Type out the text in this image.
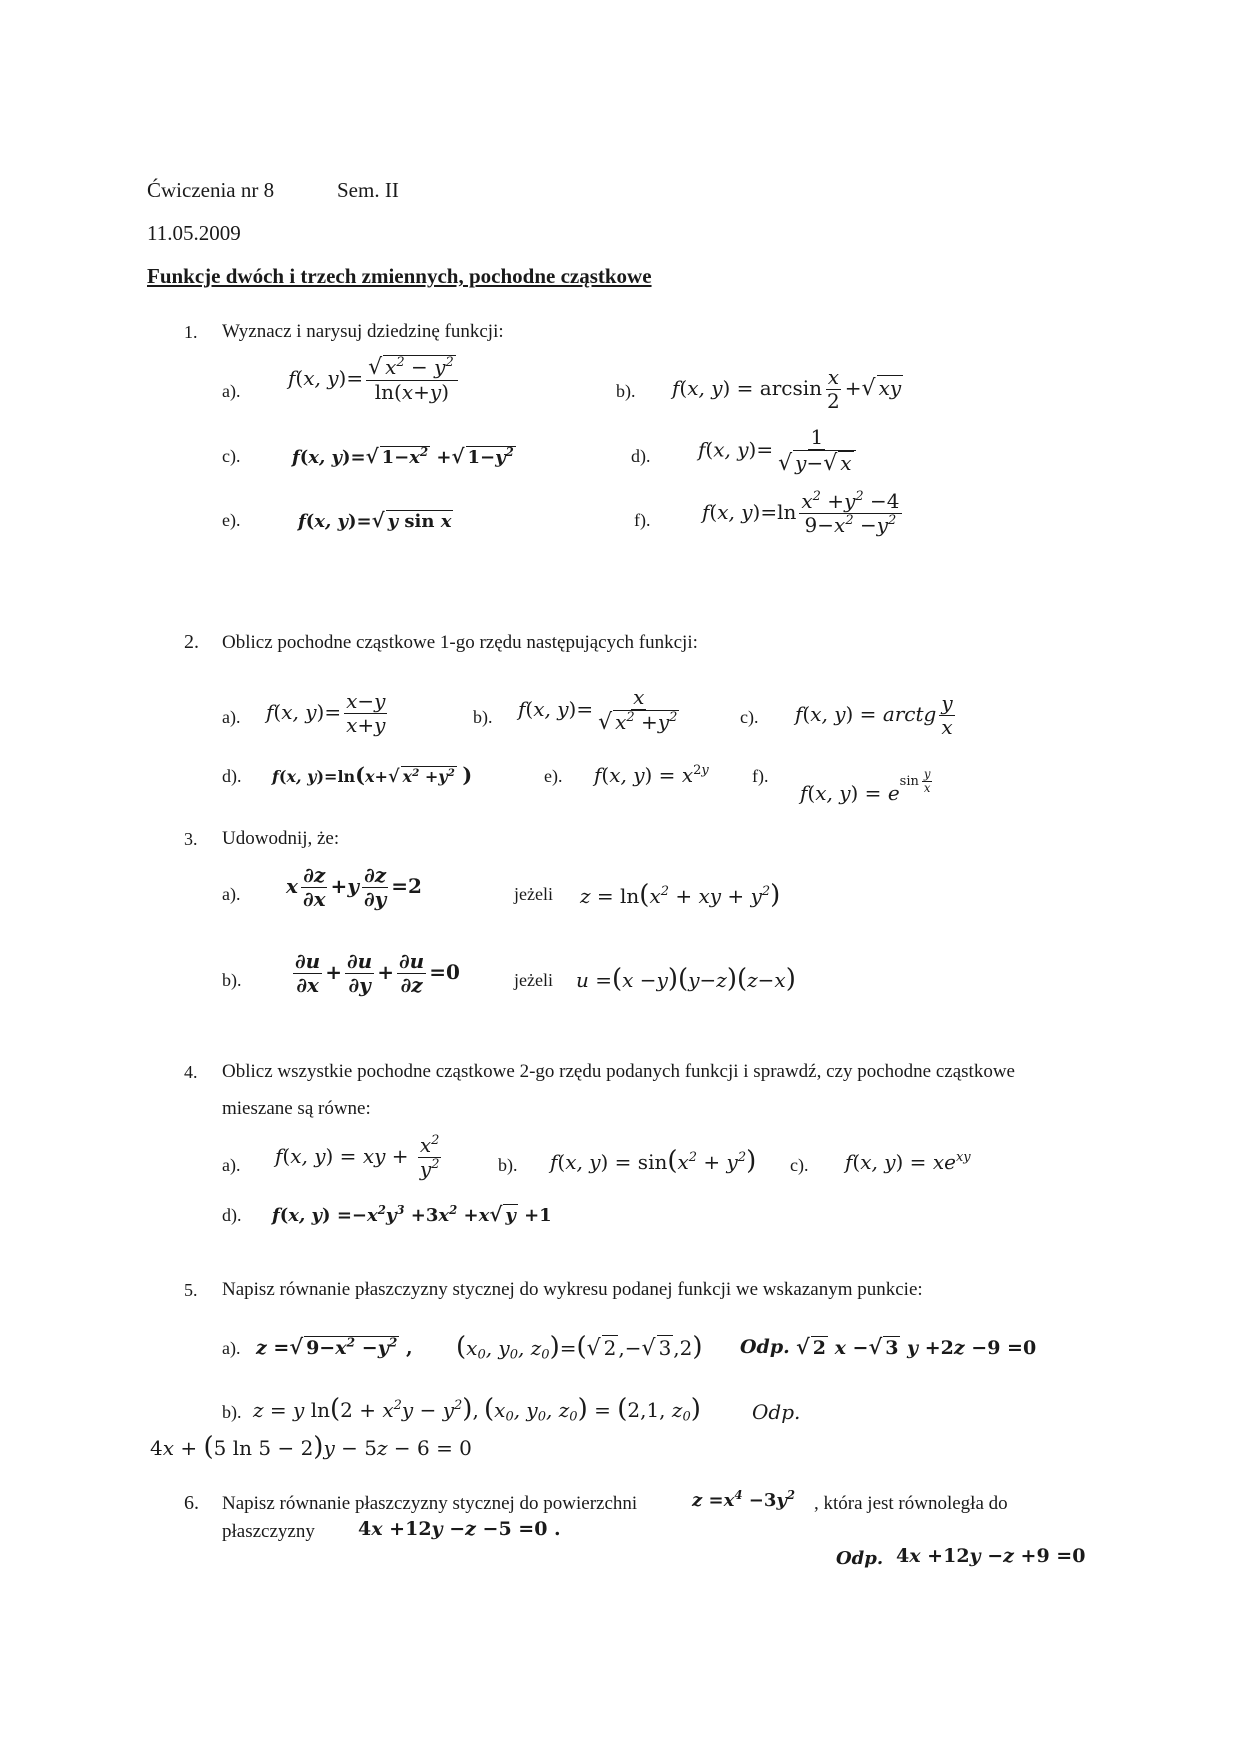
Ćwiczenia nr 8	Sem. II
11.05.2009
Funkcje dwóch i trzech zmiennych, pochodne cząstkowe
1. Wyznacz i narysuj dziedzinę funkcji:
a).
f(x, $y)= \frac{√ x^2 - y^2}{\ln(x+y)}$	b). f(x, $y) = \arcsin \frac{x}{2}$ +√ xy
c).	f(x, y)=√ $1-x^2$ +√ $1-y^2$	d). f(x, $y)= \frac{1}{√ y-√ x}$
e).	f(x, y)=√ y sin x	f).	f(x, $y)=\ln \frac{x^2 +y^2 -4}{9-x^2 -y^2}$
2. Oblicz pochodne cząstkowe 1-go rzędu następujących funkcji:
a). f(x, $y)= \frac{x-y}{x+y}$	b). f(x, $y)= \frac{x}{√ x^2 +y^2}$	c). f(x, y) = arctg $\frac{y}{x}$
d). f(x, y)=ln(x+√ $x^2 +y^2$ )	e). f(x, $y) = x^{2y}$ f).
f(x, $y) = e^{sin \frac{y}{x}}$
3. Udowodnij, że:
a). x $\frac{\partial z}{\partial x} +y \frac{\partial z}{\partial y} =2$	jeżeli $z = \ln(x^2$ + xy + $y^2$)
b).	$\frac{\partial u}{\partial x} + \frac{\partial u}{\partial y} + \frac{\partial u}{\partial z} =0$	jeżeli u =(x −y)(y−z)(z−x)
4. Oblicz wszystkie pochodne cząstkowe 2-go rzędu podanych funkcji i sprawdź, czy pochodne cząstkowe
mieszane są równe:
a). f(x, y) = xy + $\frac{x^2}{y^2}$	b). f(x, $y) = \sin(x^2 + y^2)$ c). f(x, $y) = xe^{xy}$
d). f(x, $y) =-x^2y^3 +3x^2 +x√$ y +1
5. Napisz równanie płaszczyzny stycznej do wykresu podanej funkcji we wskazanym punkcie:
a). z =√ $9-x^2 -y^2$ , ($x_0$, $y_0$, $z_0)=(√$ 2 ,−√ 3 ,2) Odp. √ 2 x −√ 3 y +2z −9 =0
b). z = y $\ln(2 + x^2y - y^2)$, ($x_0$, $y_0$, $z_0) = (2,1$, $z_0$)	Odp.
4x + (5 ln 5 − 2)y − 5z − 6 = 0
6. Napisz równanie płaszczyzny stycznej do powierzchni	$z =x^4 -3y^2$ , która jest równoległa do
płaszczyzny 4x +12y −z −5 =0 .
Odp. 4x +12y −z +9 =0
